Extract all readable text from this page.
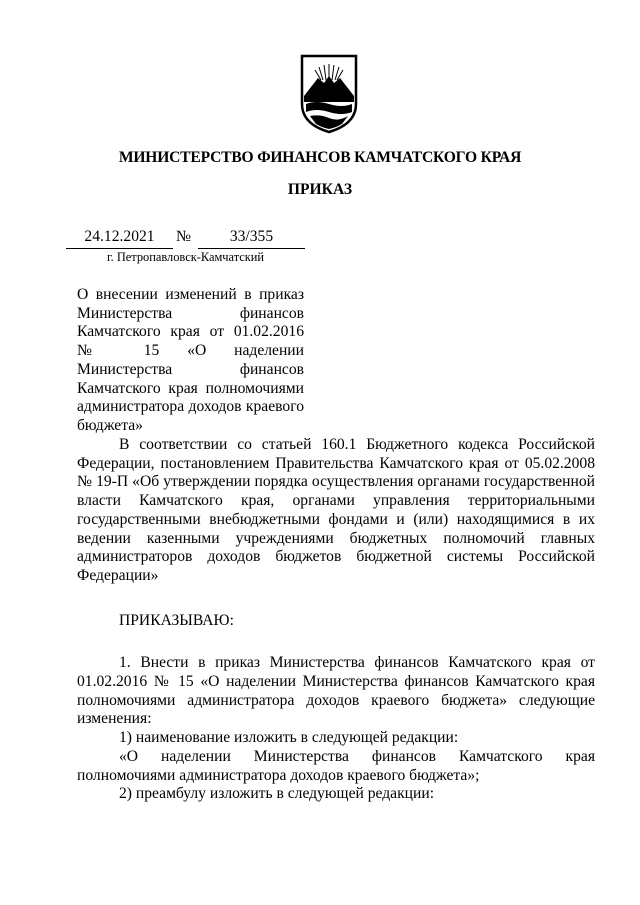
МИНИСТЕРСТВО ФИНАНСОВ КАМЧАТСКОГО КРАЯ
ПРИКАЗ
24.12.2021	№	33/355
г. Петропавловск-Камчатский
О внесении изменений в приказ Министерства финансов Камчатского края от 01.02.2016 № 15 «О наделении Министерства финансов Камчатского края полномочиями администратора доходов краевого бюджета»

В соответствии со статьей 160.1 Бюджетного кодекса Российской Федерации, постановлением Правительства Камчатского края от 05.02.2008 № 19-П «Об утверждении порядка осуществления органами государственной власти Камчатского края, органами управления территориальными государственными внебюджетными фондами и (или) находящимися в их ведении казенными учреждениями бюджетных полномочий главных администраторов доходов бюджетов бюджетной системы Российской Федерации»

ПРИКАЗЫВАЮ:

1. Внести в приказ Министерства финансов Камчатского края от 01.02.2016 № 15 «О наделении Министерства финансов Камчатского края полномочиями администратора доходов краевого бюджета» следующие изменения:

1) наименование изложить в следующей редакции:

«О наделении Министерства финансов Камчатского края полномочиями администратора доходов краевого бюджета»;

2) преамбулу изложить в следующей редакции:
